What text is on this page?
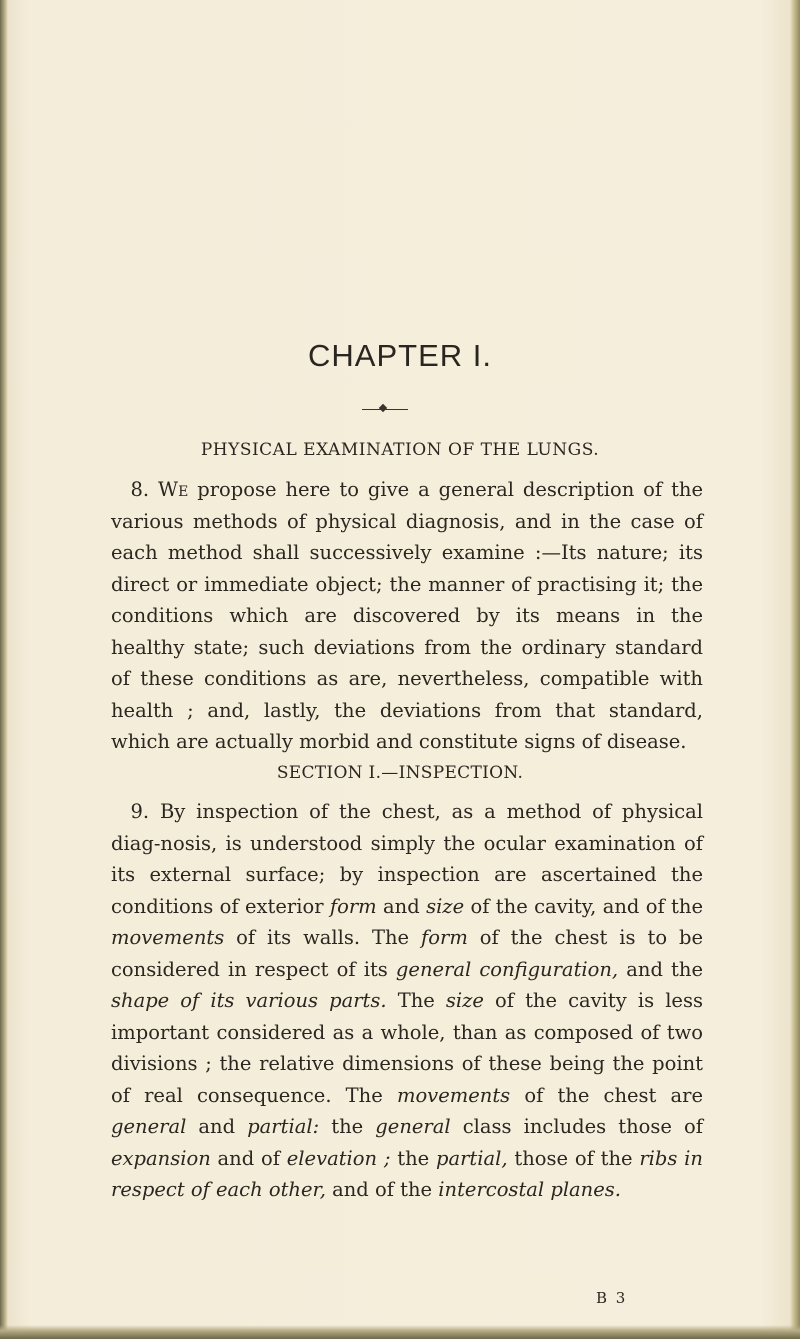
CHAPTER I.
PHYSICAL EXAMINATION OF THE LUNGS.

 8. We propose here to give a general description of the various methods of physical diagnosis, and in the case of each method shall successively examine :—Its nature; its direct or immediate object; the manner of practising it; the conditions which are discovered by its means in the healthy state; such deviations from the ordinary standard of these conditions as are, nevertheless, compatible with health ; and, lastly, the deviations from that standard, which are actually morbid and constitute signs of disease.

SECTION I.—INSPECTION.

 9. By inspection of the chest, as a method of physical diag-nosis, is understood simply the ocular examination of its external surface; by inspection are ascertained the conditions of exterior form and size of the cavity, and of the movements of its walls. The form of the chest is to be considered in respect of its general configuration, and the shape of its various parts. The size of the cavity is less important considered as a whole, than as composed of two divisions ; the relative dimensions of these being the point of real consequence. The movements of the chest are general and partial: the general class includes those of expansion and of elevation ; the partial, those of the ribs in respect of each other, and of the intercostal planes.

B 3
